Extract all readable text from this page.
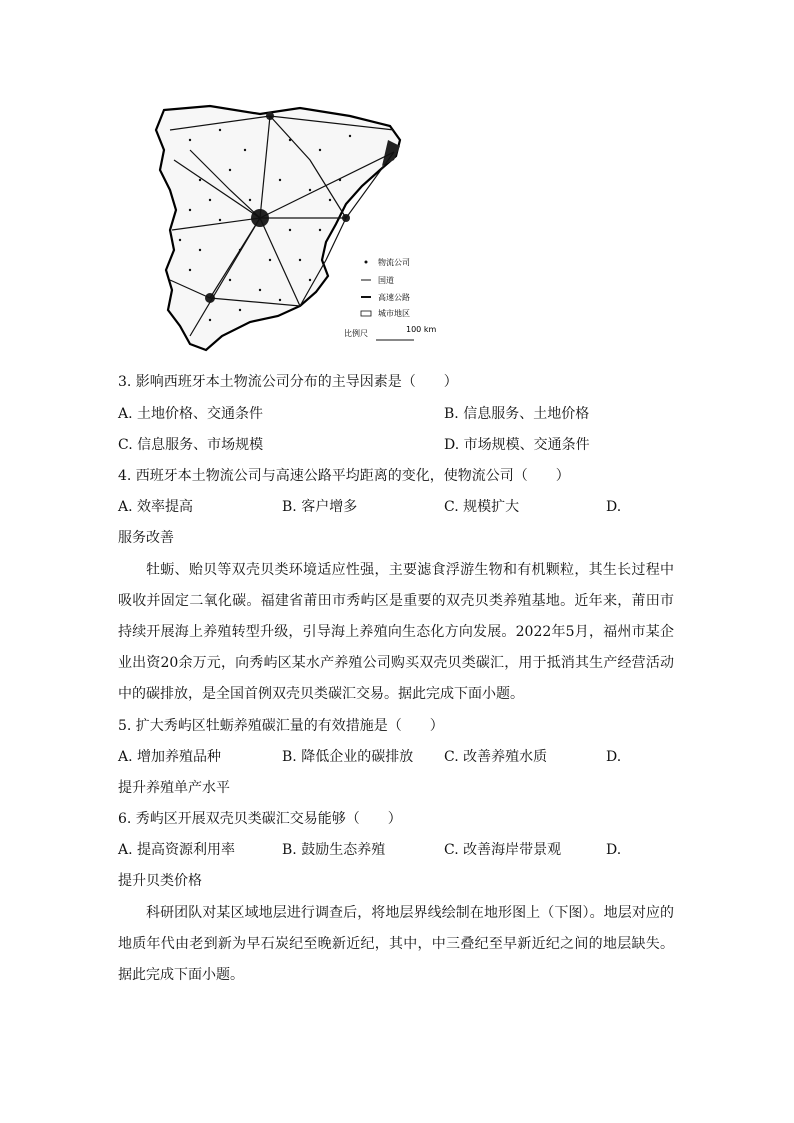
物流公司
国道
高速公路
城市地区
比例尺	100 km
3. 影响西班牙本土物流公司分布的主导因素是（　　）
A. 土地价格、交通条件	B. 信息服务、土地价格
C. 信息服务、市场规模	D. 市场规模、交通条件
4. 西班牙本土物流公司与高速公路平均距离的变化，使物流公司（　　）
A. 效率提高	B. 客户增多	C. 规模扩大	D.
服务改善
牡蛎、贻贝等双壳贝类环境适应性强，主要滤食浮游生物和有机颗粒，其生长过程中吸收并固定二氧化碳。福建省莆田市秀屿区是重要的双壳贝类养殖基地。近年来，莆田市持续开展海上养殖转型升级，引导海上养殖向生态化方向发展。2022年5月，福州市某企业出资20余万元，向秀屿区某水产养殖公司购买双壳贝类碳汇，用于抵消其生产经营活动中的碳排放，是全国首例双壳贝类碳汇交易。据此完成下面小题。
5. 扩大秀屿区牡蛎养殖碳汇量的有效措施是（　　）
A. 增加养殖品种	B. 降低企业的碳排放 C. 改善养殖水质	D.
提升养殖单产水平
6. 秀屿区开展双壳贝类碳汇交易能够（　　）
A. 提高资源利用率	B. 鼓励生态养殖	C. 改善海岸带景观	D.
提升贝类价格
科研团队对某区域地层进行调查后，将地层界线绘制在地形图上（下图）。地层对应的地质年代由老到新为早石炭纪至晚新近纪，其中，中三叠纪至早新近纪之间的地层缺失。据此完成下面小题。
